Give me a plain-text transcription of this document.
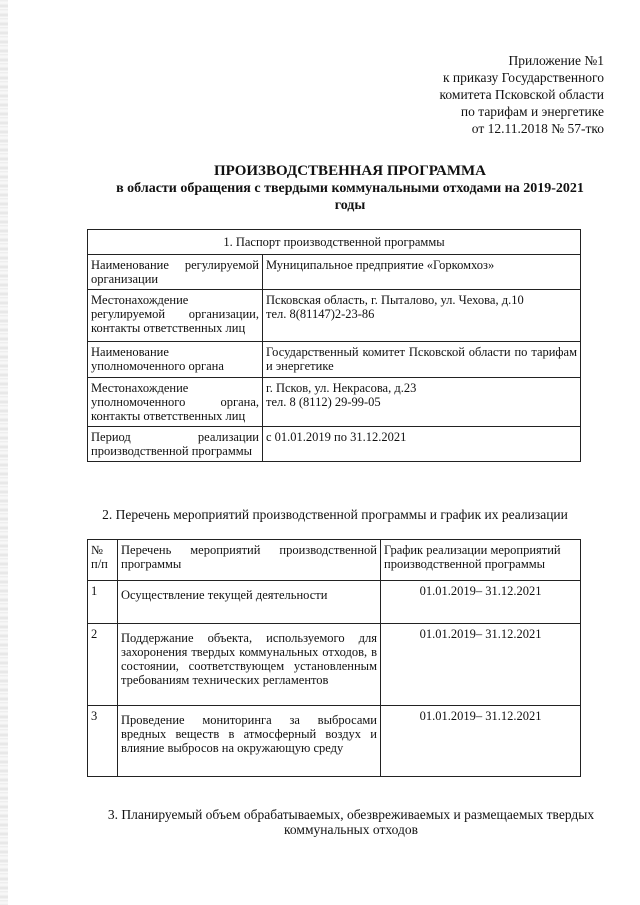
Приложение №1
к приказу Государственного
комитета Псковской области
по тарифам и энергетике
от 12.11.2018 № 57-тко
ПРОИЗВОДСТВЕННАЯ ПРОГРАММА
в области обращения с твердыми коммунальными отходами на 2019-2021
годы
1. Паспорт производственной программы	
Наименование регулируемой организации	Муниципальное предприятие «Горкомхоз»
Местонахождение регулируемой организации, контакты ответственных лиц	Псковская область, г. Пыталово, ул. Чехова, д.10
тел. 8(81147)2-23-86

Наименование уполномоченного органа	Государственный комитет Псковской области по тарифам и энергетике
Местонахождение уполномоченного органа, контакты ответственных лиц	г. Псков, ул. Некрасова, д.23
тел. 8 (8112) 29-99-05

Период реализации производственной программы	с 01.01.2019 по 31.12.2021
2. Перечень мероприятий производственной программы и график их реализации
№ п/п	Перечень мероприятий производственной программы	График реализации мероприятий производственной программы
1	Осуществление текущей деятельности	01.01.2019– 31.12.2021
2	Поддержание объекта, используемого для захоронения твердых коммунальных отходов, в состоянии, соответствующем установленным требованиям технических регламентов	01.01.2019– 31.12.2021
3	Проведение мониторинга за выбросами вредных веществ в атмосферный воздух и влияние выбросов на окружающую среду	01.01.2019– 31.12.2021
3. Планируемый объем обрабатываемых, обезвреживаемых и размещаемых твердых коммунальных отходов
